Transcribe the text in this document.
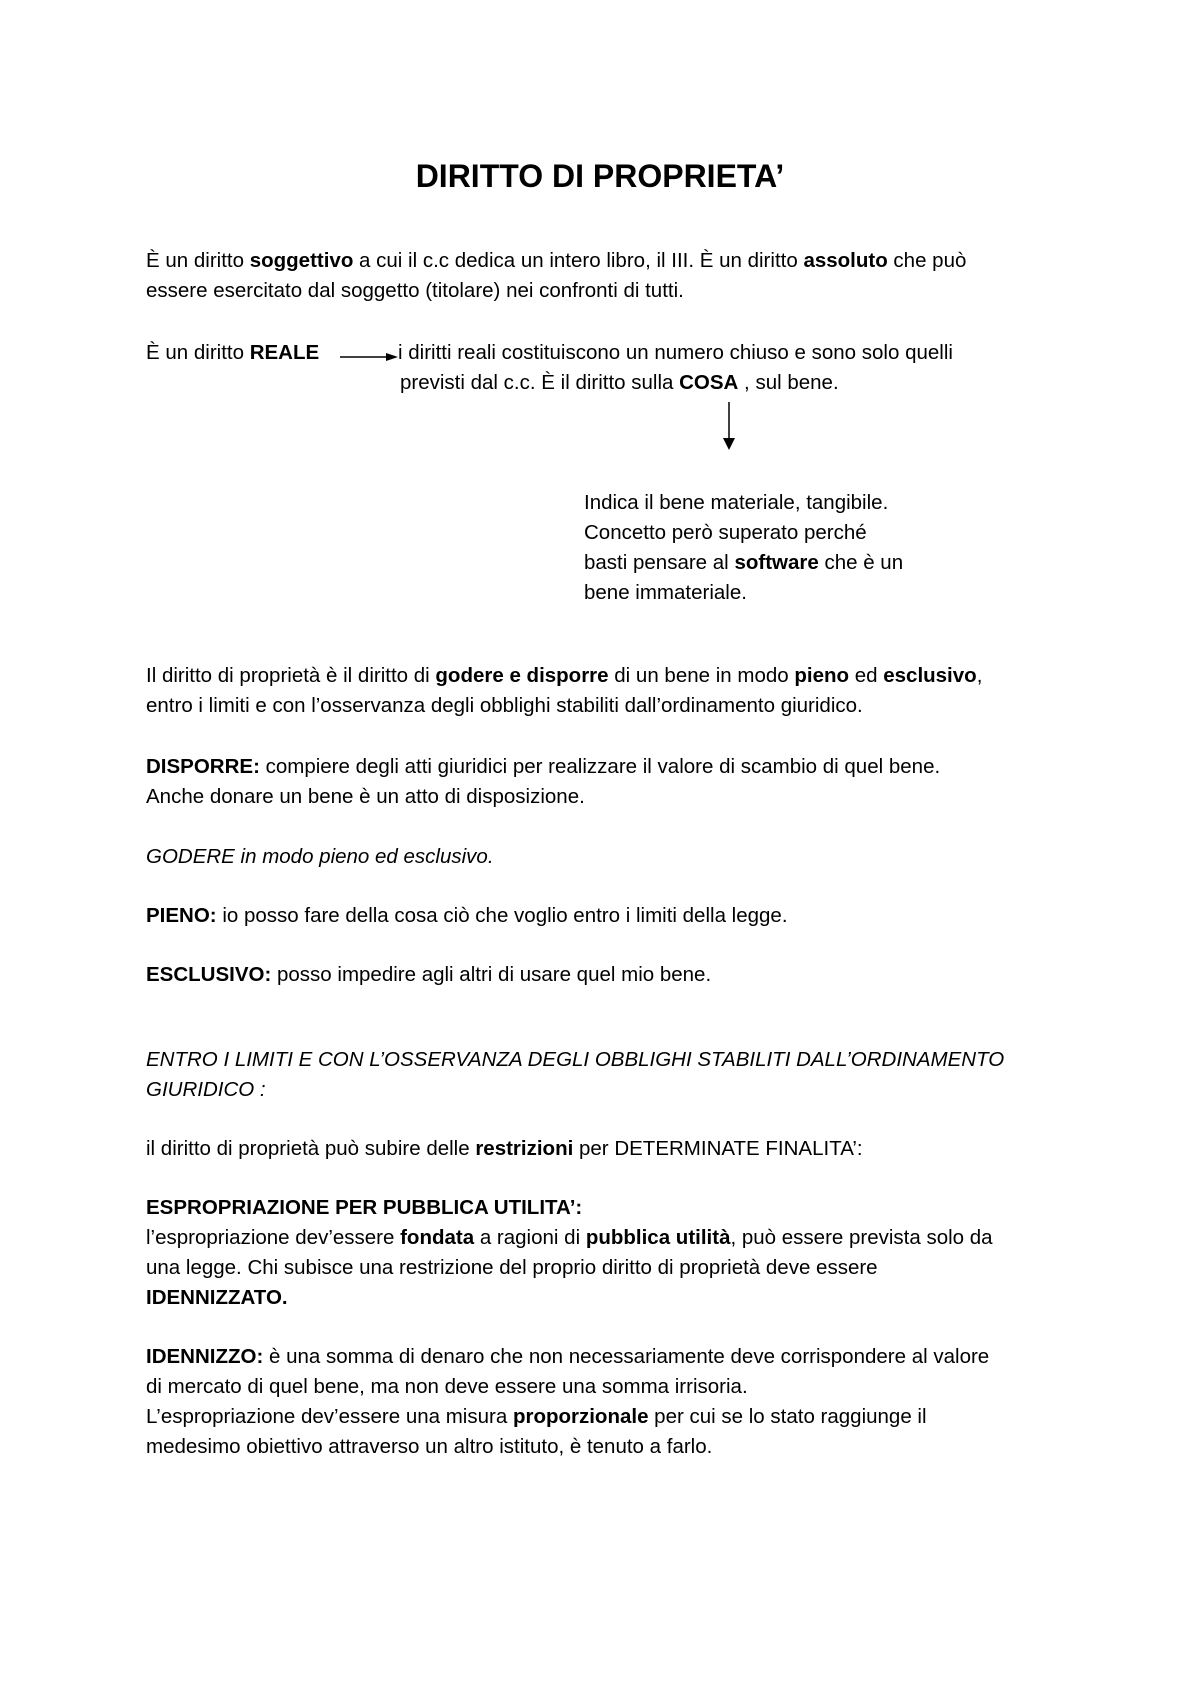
DIRITTO DI PROPRIETA’
È un diritto soggettivo a cui il c.c dedica un intero libro, il III. È un diritto assoluto che può
essere esercitato dal soggetto (titolare) nei confronti di tutti.
È un diritto REALE	i diritti reali costituiscono un numero chiuso e sono solo quelli
previsti dal c.c. È il diritto sulla COSA , sul bene.
Indica il bene materiale, tangibile.
Concetto però superato perché
basti pensare al software che è un
bene immateriale.
Il diritto di proprietà è il diritto di godere e disporre di un bene in modo pieno ed esclusivo,
entro i limiti e con l’osservanza degli obblighi stabiliti dall’ordinamento giuridico.
DISPORRE: compiere degli atti giuridici per realizzare il valore di scambio di quel bene.
Anche donare un bene è un atto di disposizione.
GODERE in modo pieno ed esclusivo.
PIENO: io posso fare della cosa ciò che voglio entro i limiti della legge.
ESCLUSIVO: posso impedire agli altri di usare quel mio bene.
ENTRO I LIMITI E CON L’OSSERVANZA DEGLI OBBLIGHI STABILITI DALL’ORDINAMENTO
GIURIDICO :
il diritto di proprietà può subire delle restrizioni per DETERMINATE FINALITA’:
ESPROPRIAZIONE PER PUBBLICA UTILITA’:
l’espropriazione dev’essere fondata a ragioni di pubblica utilità, può essere prevista solo da
una legge. Chi subisce una restrizione del proprio diritto di proprietà deve essere
IDENNIZZATO.
IDENNIZZO: è una somma di denaro che non necessariamente deve corrispondere al valore
di mercato di quel bene, ma non deve essere una somma irrisoria.
L’espropriazione dev’essere una misura proporzionale per cui se lo stato raggiunge il
medesimo obiettivo attraverso un altro istituto, è tenuto a farlo.
